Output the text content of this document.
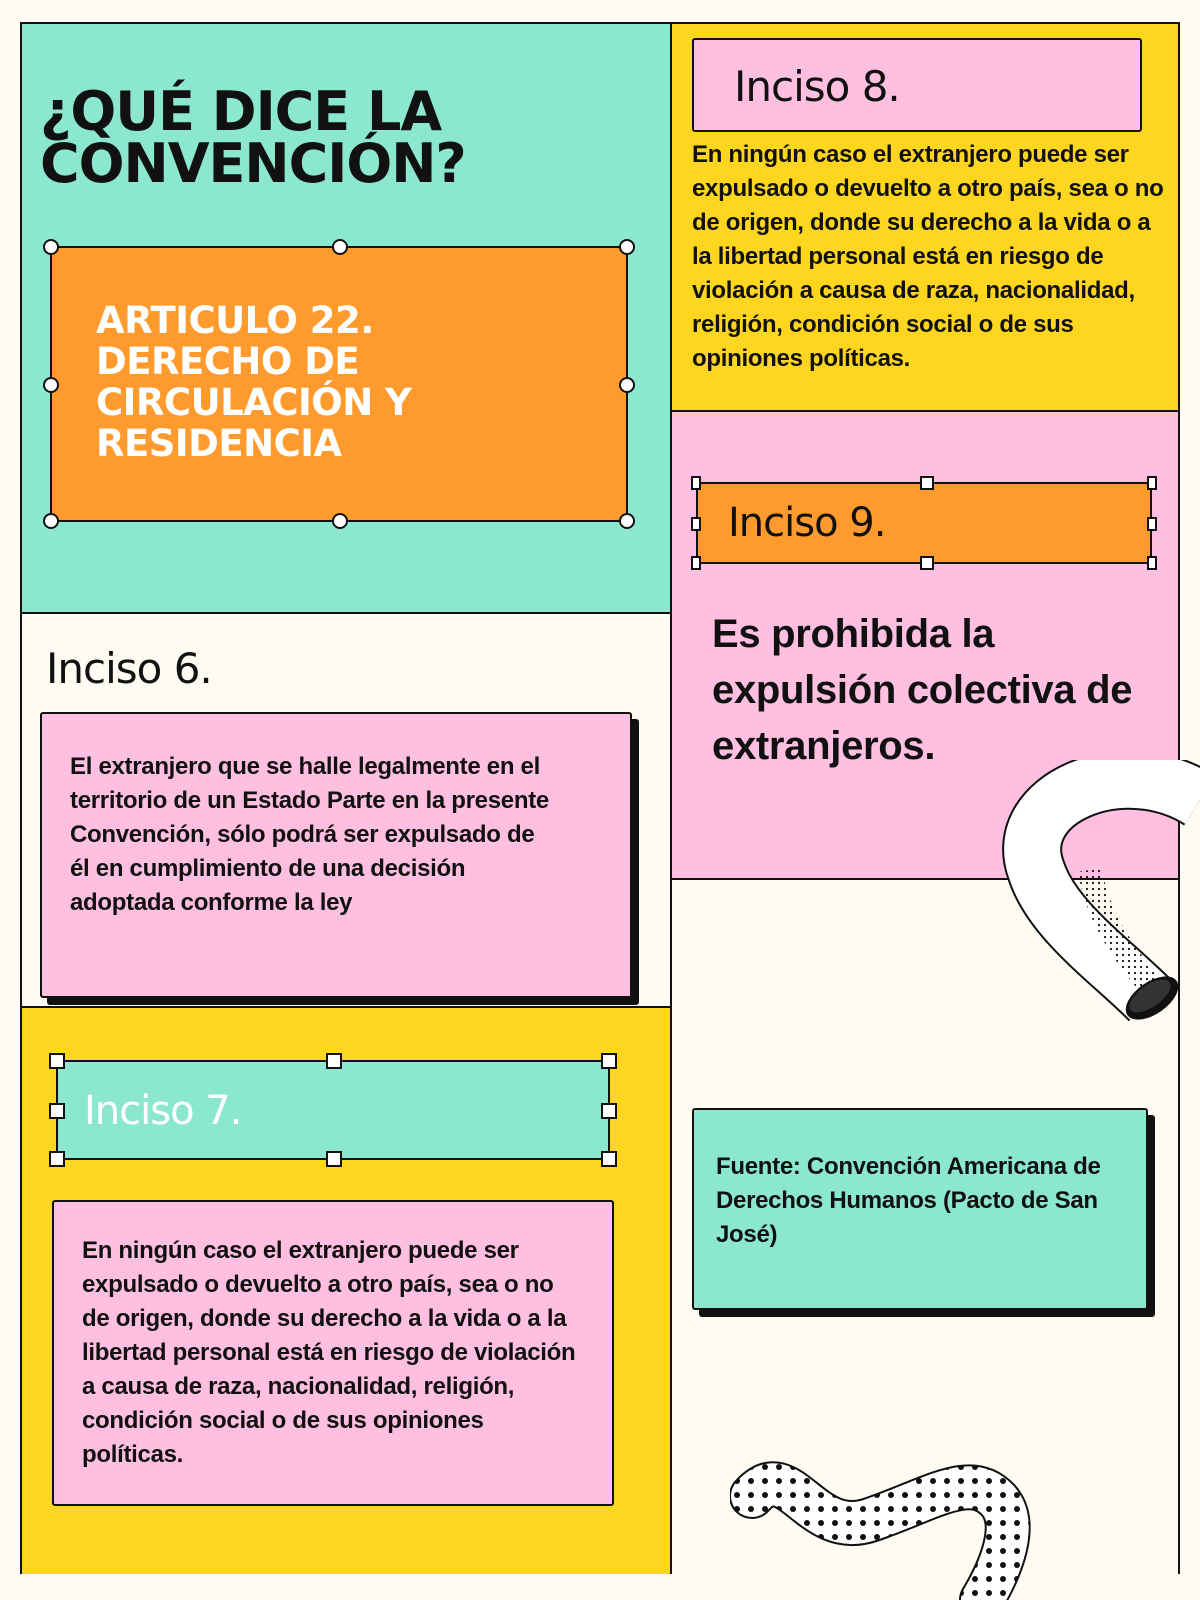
¿QUÉ DICE LA CONVENCIÓN?

ARTICULO 22.
DERECHO DE
CIRCULACIÓN Y
RESIDENCIA

Inciso 6.

El extranjero que se halle legalmente en el territorio de un Estado Parte en la presente Convención, sólo podrá ser expulsado de él en cumplimiento de una decisión adoptada conforme la ley

Inciso 7.

En ningún caso el extranjero puede ser expulsado o devuelto a otro país, sea o no de origen, donde su derecho a la vida o a la libertad personal está en riesgo de violación a causa de raza, nacionalidad, religión, condición social o de sus opiniones políticas.

Inciso 8.

En ningún caso el extranjero puede ser expulsado o devuelto a otro país, sea o no de origen, donde su derecho a la vida o a la libertad personal está en riesgo de violación a causa de raza, nacionalidad, religión, condición social o de sus opiniones políticas.

Inciso 9.

Es prohibida la expulsión colectiva de extranjeros.

Fuente: Convención Americana de Derechos Humanos (Pacto de San José)
